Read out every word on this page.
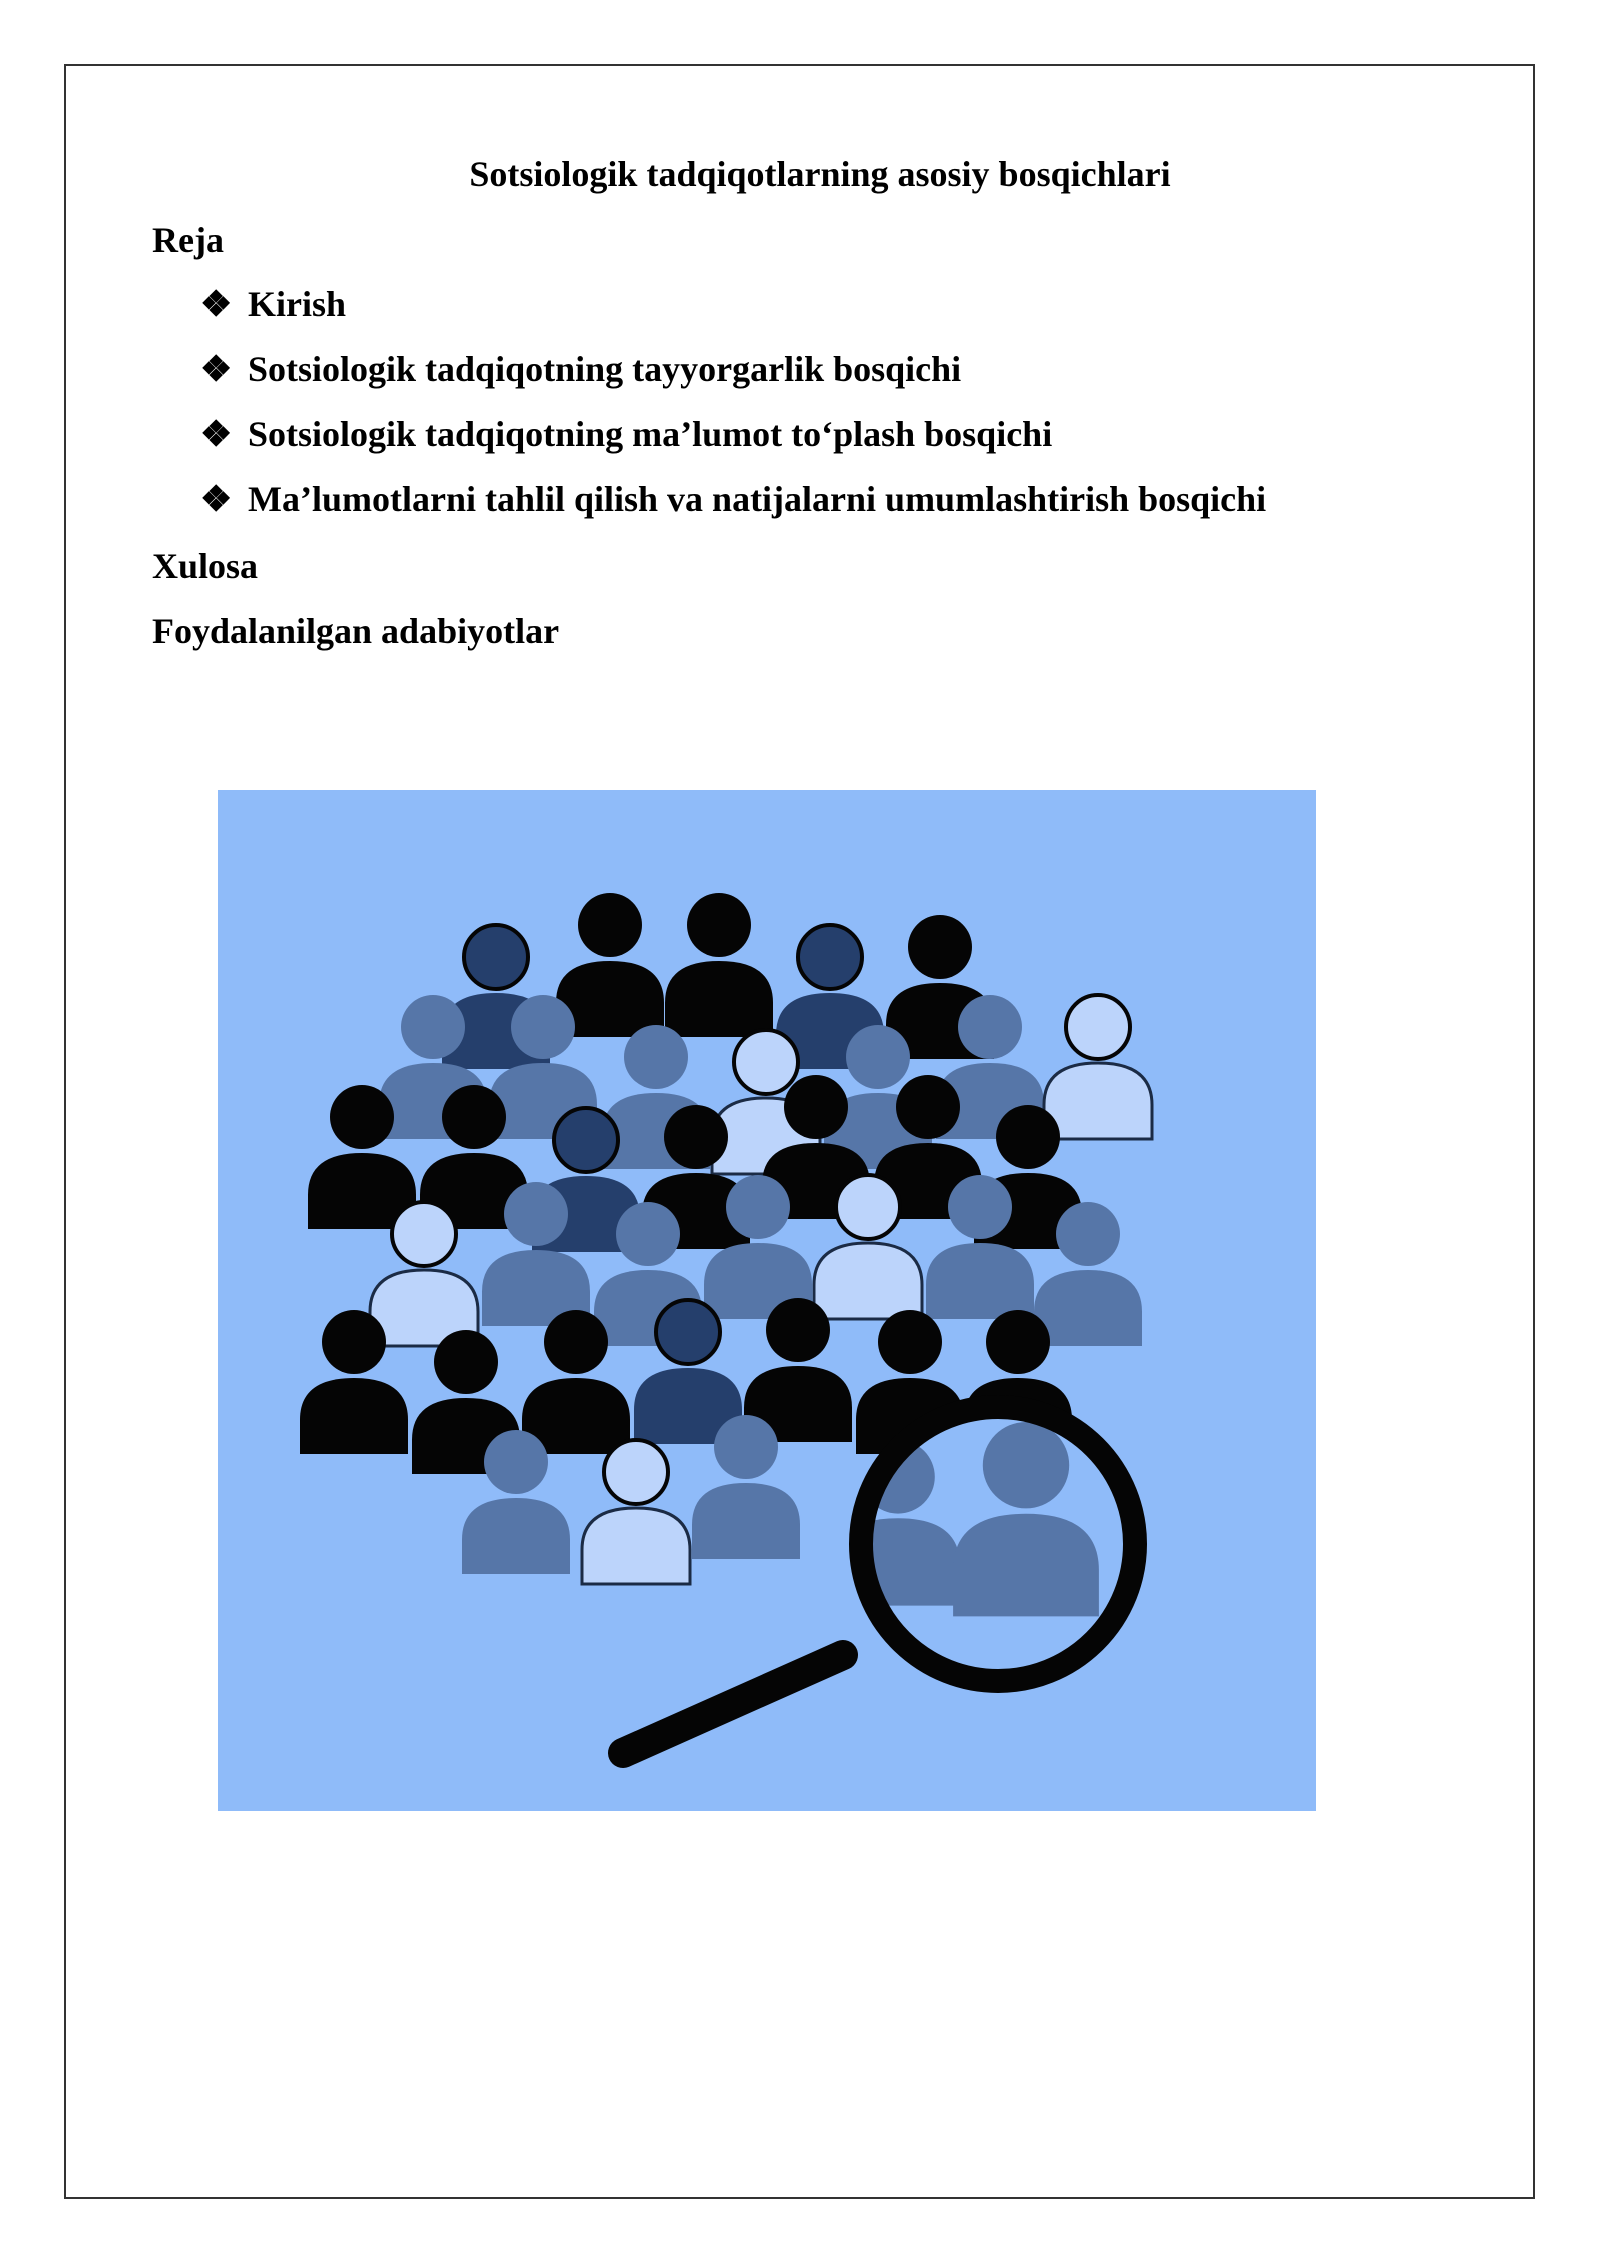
Sotsiologik tadqiqotlarning asosiy bosqichlari
Reja
❖ Kirish
❖ Sotsiologik tadqiqotning tayyorgarlik bosqichi
❖ Sotsiologik tadqiqotning ma’lumot to‘plash bosqichi
❖ Ma’lumotlarni tahlil qilish va natijalarni umumlashtirish bosqichi
Xulosa
Foydalanilgan adabiyotlar
